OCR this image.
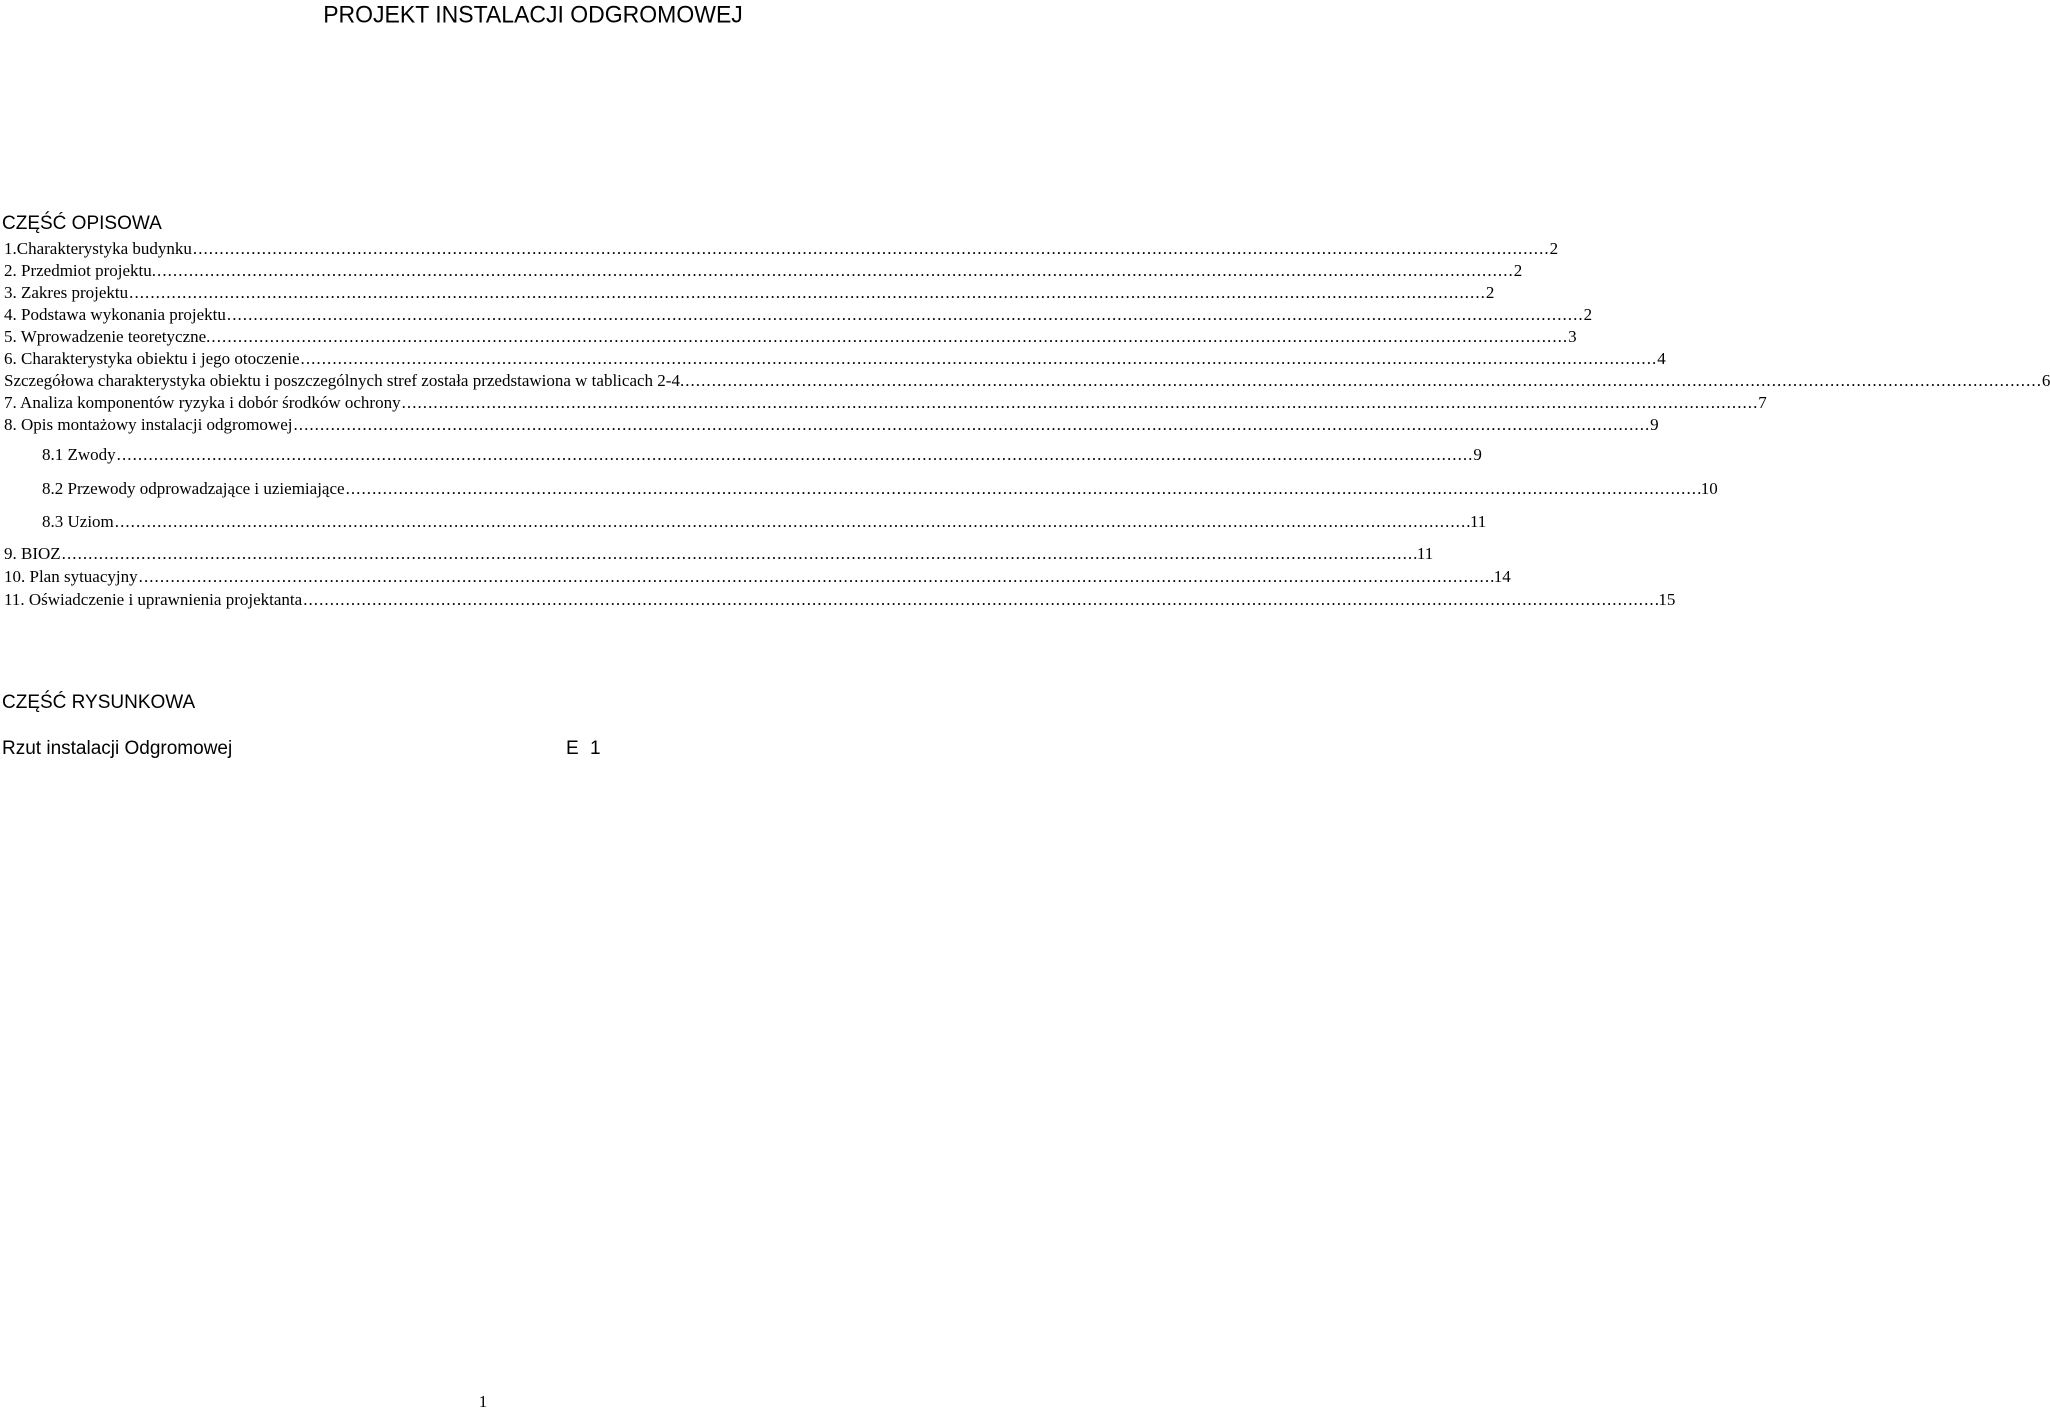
PROJEKT INSTALACJI ODGROMOWEJ
CZĘŚĆ OPISOWA
1.Charakterystyka budynku . . .	2
2. Przedmiot projektu. . . .	2
3. Zakres projektu . . .	2
4. Podstawa wykonania projektu . . .	2
5. Wprowadzenie teoretyczne. . . .	3
6. Charakterystyka obiektu i jego otoczenie . . .	4
Szczegółowa charakterystyka obiektu i poszczególnych stref została przedstawiona w tablicach 2-4. . . .	6
7. Analiza komponentów ryzyka i dobór środków ochrony . . .	7
8. Opis montażowy instalacji odgromowej . . .	9
8.1 Zwody . . .	9
8.2 Przewody odprowadzające i uziemiające . . .	10
8.3 Uziom . . .	11
9. BIOZ . . .	11
10. Plan sytuacyjny . . .	14
11. Oświadczenie i uprawnienia projektanta . . .	15
CZĘŚĆ RYSUNKOWA
Rzut instalacji Odgromowej	E 1
1
